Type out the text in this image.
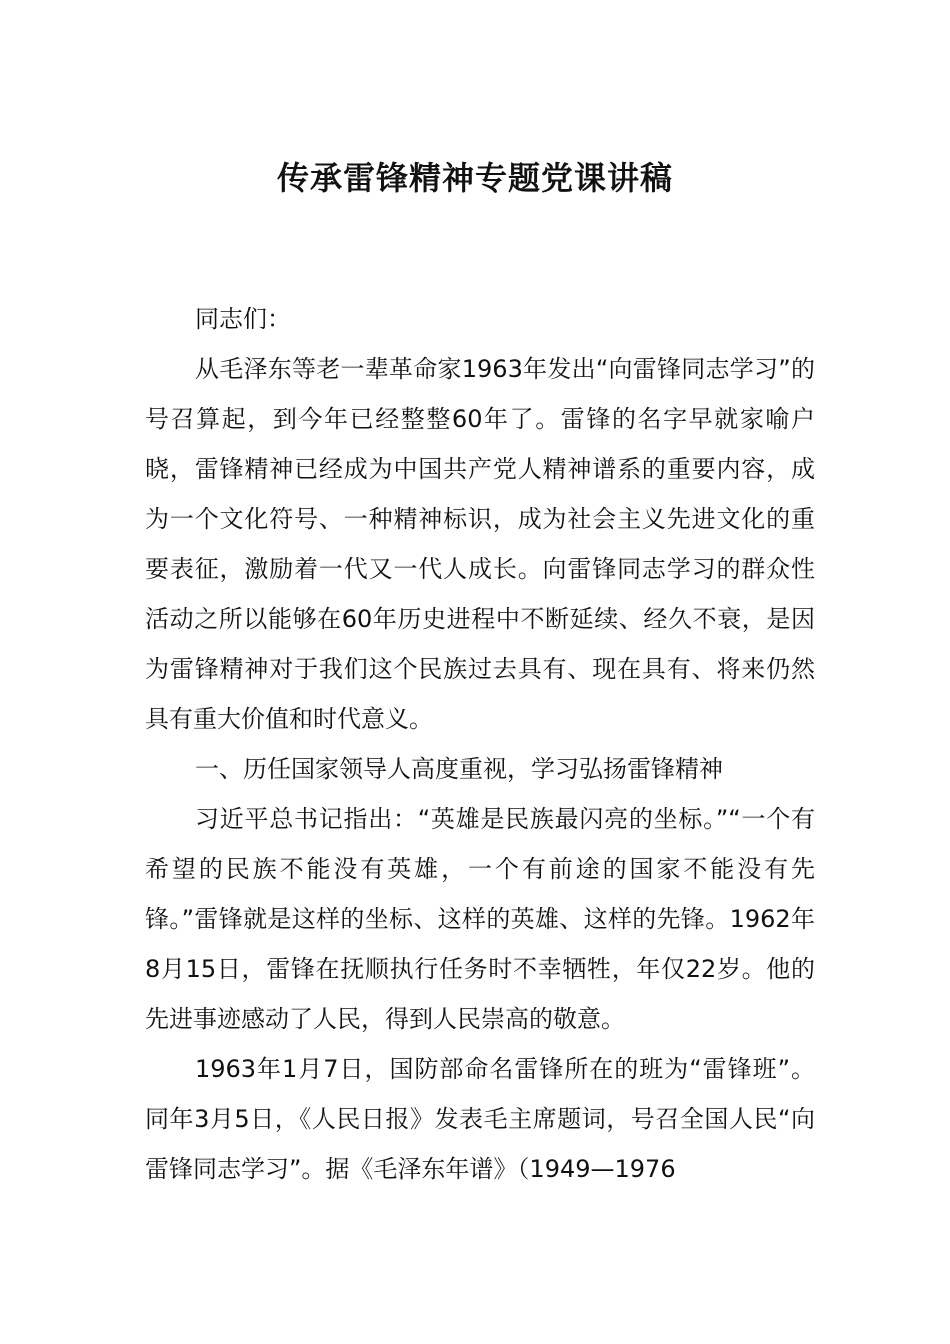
传承雷锋精神专题党课讲稿

同志们：

从毛泽东等老一辈革命家1963年发出“向雷锋同志学习”的号召算起，到今年已经整整60年了。雷锋的名字早就家喻户晓，雷锋精神已经成为中国共产党人精神谱系的重要内容，成为一个文化符号、一种精神标识，成为社会主义先进文化的重要表征，激励着一代又一代人成长。向雷锋同志学习的群众性活动之所以能够在60年历史进程中不断延续、经久不衰，是因为雷锋精神对于我们这个民族过去具有、现在具有、将来仍然具有重大价值和时代意义。

一、历任国家领导人高度重视，学习弘扬雷锋精神

习近平总书记指出：“英雄是民族最闪亮的坐标。”“一个有希望的民族不能没有英雄，一个有前途的国家不能没有先锋。”雷锋就是这样的坐标、这样的英雄、这样的先锋。1962年8月15日，雷锋在抚顺执行任务时不幸牺牲，年仅22岁。他的先进事迹感动了人民，得到人民崇高的敬意。

1963年1月7日，国防部命名雷锋所在的班为“雷锋班”。同年3月5日，《人民日报》发表毛主席题词，号召全国人民“向雷锋同志学习”。据《毛泽东年谱》（1949—1976
